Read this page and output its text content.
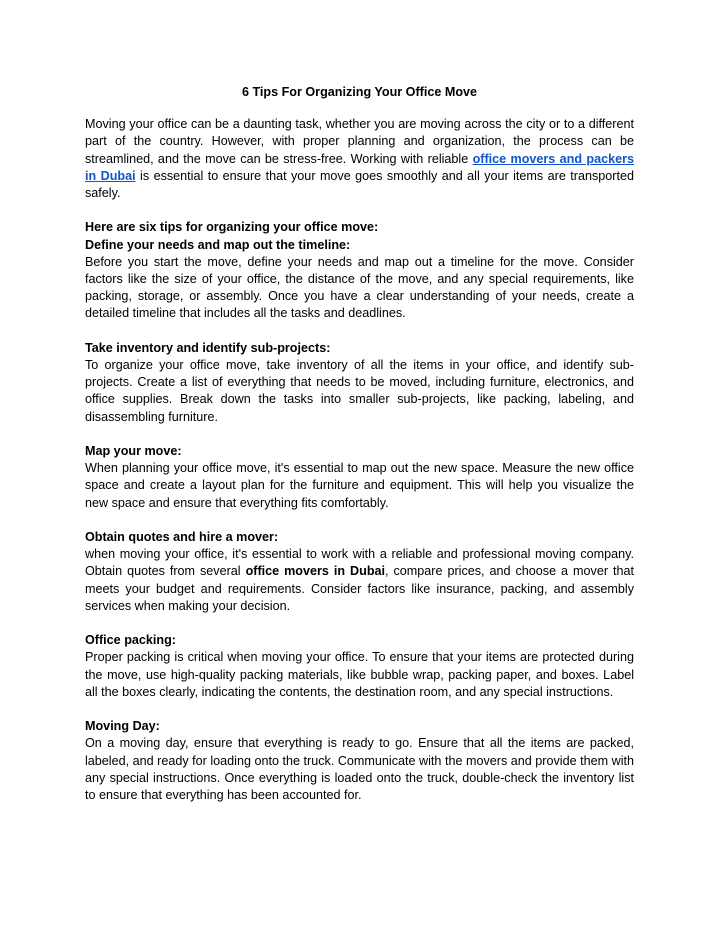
6 Tips For Organizing Your Office Move

Moving your office can be a daunting task, whether you are moving across the city or to a different part of the country. However, with proper planning and organization, the process can be streamlined, and the move can be stress-free. Working with reliable office movers and packers in Dubai is essential to ensure that your move goes smoothly and all your items are transported safely.

Here are six tips for organizing your office move:
Define your needs and map out the timeline:

Before you start the move, define your needs and map out a timeline for the move. Consider factors like the size of your office, the distance of the move, and any special requirements, like packing, storage, or assembly. Once you have a clear understanding of your needs, create a detailed timeline that includes all the tasks and deadlines.

Take inventory and identify sub-projects:

To organize your office move, take inventory of all the items in your office, and identify sub-projects. Create a list of everything that needs to be moved, including furniture, electronics, and office supplies. Break down the tasks into smaller sub-projects, like packing, labeling, and disassembling furniture.

Map your move:

When planning your office move, it's essential to map out the new space. Measure the new office space and create a layout plan for the furniture and equipment. This will help you visualize the new space and ensure that everything fits comfortably.

Obtain quotes and hire a mover:

when moving your office, it's essential to work with a reliable and professional moving company. Obtain quotes from several office movers in Dubai, compare prices, and choose a mover that meets your budget and requirements. Consider factors like insurance, packing, and assembly services when making your decision.

Office packing:

Proper packing is critical when moving your office. To ensure that your items are protected during the move, use high-quality packing materials, like bubble wrap, packing paper, and boxes. Label all the boxes clearly, indicating the contents, the destination room, and any special instructions.

Moving Day:

On a moving day, ensure that everything is ready to go. Ensure that all the items are packed, labeled, and ready for loading onto the truck. Communicate with the movers and provide them with any special instructions. Once everything is loaded onto the truck, double-check the inventory list to ensure that everything has been accounted for.
